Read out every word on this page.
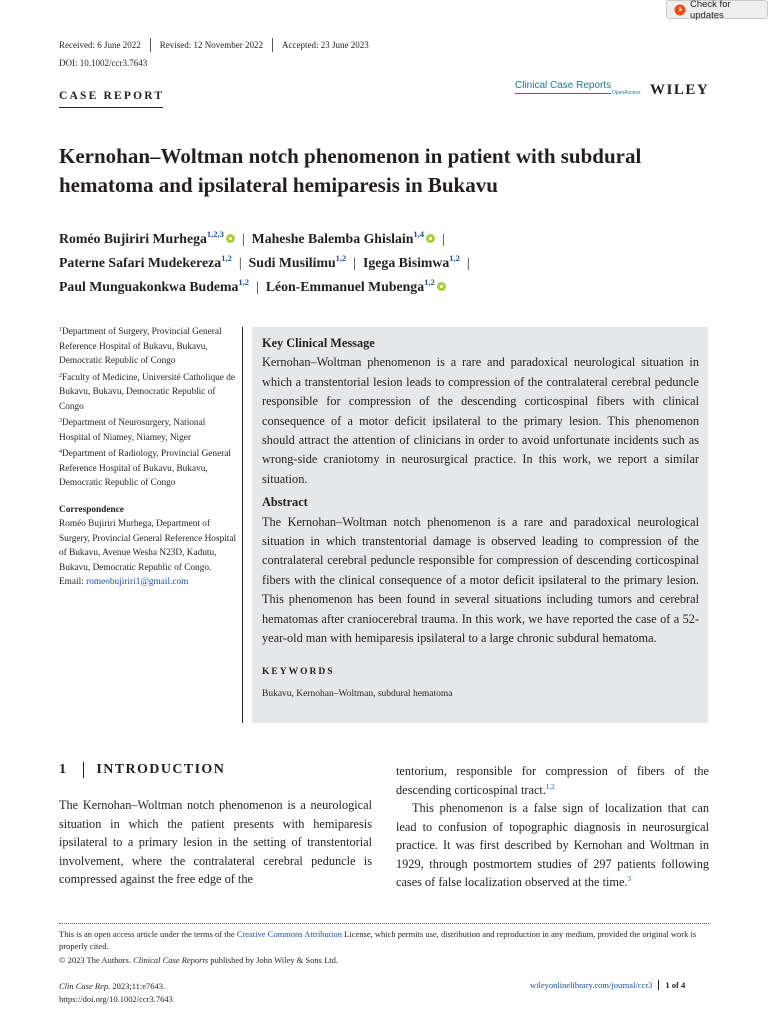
Check for updates
Received: 6 June 2022 Revised: 12 November 2022 Accepted: 23 June 2023
DOI: 10.1002/ccr3.7643
CASE REPORT
Clinical Case Reports
OpenAccess WILEY
Kernohan–Woltman notch phenomenon in patient with subdural hematoma and ipsilateral hemiparesis in Bukavu
Roméo Bujiriri Murhega$^{1,2,3}$ | Maheshe Balemba Ghislain$^{1,4}$ |
Paterne Safari Mudekereza$^{1,2}$ | Sudi Musilimu$^{1,2}$ | Igega Bisimwa$^{1,2}$ |
Paul Munguakonkwa Budema$^{1,2}$ | Léon-Emmanuel Mubenga$^{1,2}$
$^1$Department of Surgery, Provincial General Reference Hospital of Bukavu, Bukavu, Democratic Republic of Congo
$^2$Faculty of Medicine, Université Catholique de Bukavu, Bukavu, Democratic Republic of Congo
$^3$Department of Neurosurgery, National Hospital of Niamey, Niamey, Niger
$^4$Department of Radiology, Provincial General Reference Hospital of Bukavu, Bukavu, Democratic Republic of Congo
Correspondence
Roméo Bujiriri Murhega, Department of Surgery, Provincial General Reference Hospital of Bukavu, Avenue Wesha N23D, Kadutu, Bukavu, Democratic Republic of Congo.
Email: romeobujiriri1@gmail.com
Key Clinical Message
Kernohan–Woltman phenomenon is a rare and paradoxical neurological situation in which a transtentorial lesion leads to compression of the contralateral cerebral peduncle responsible for compression of the descending corticospinal fibers with clinical consequence of a motor deficit ipsilateral to the primary lesion. This phenomenon should attract the attention of clinicians in order to avoid unfortunate incidents such as wrong-side craniotomy in neurosurgical practice. In this work, we report a similar situation.
Abstract
The Kernohan–Woltman notch phenomenon is a rare and paradoxical neurological situation in which transtentorial damage is observed leading to compression of the contralateral cerebral peduncle responsible for compression of descending corticospinal fibers with the clinical consequence of a motor deficit ipsilateral to the primary lesion. This phenomenon has been found in several situations including tumors and cerebral hematomas after craniocerebral trauma. In this work, we have reported the case of a 52-year-old man with hemiparesis ipsilateral to a large chronic subdural hematoma.
KEYWORDS
Bukavu, Kernohan–Woltman, subdural hematoma
1 INTRODUCTION

The Kernohan–Woltman notch phenomenon is a neurological situation in which the patient presents with hemiparesis ipsilateral to a primary lesion in the setting of transtentorial involvement, where the contralateral cerebral peduncle is compressed against the free edge of the

tentorium, responsible for compression of fibers of the descending corticospinal tract.$^{1,2}$

This phenomenon is a false sign of localization that can lead to confusion of topographic diagnosis in neurosurgical practice. It was first described by Kernohan and Woltman in 1929, through postmortem studies of 297 patients following cases of false localization observed at the time.$^3$

This is an open access article under the terms of the Creative Commons Attribution License, which permits use, distribution and reproduction in any medium, provided the original work is properly cited.
© 2023 The Authors. Clinical Case Reports published by John Wiley & Sons Ltd.
Clin Case Rep. 2023;11:e7643.
https://doi.org/10.1002/ccr3.7643
wileyonlinelibrary.com/journal/ccr3 1 of 4
